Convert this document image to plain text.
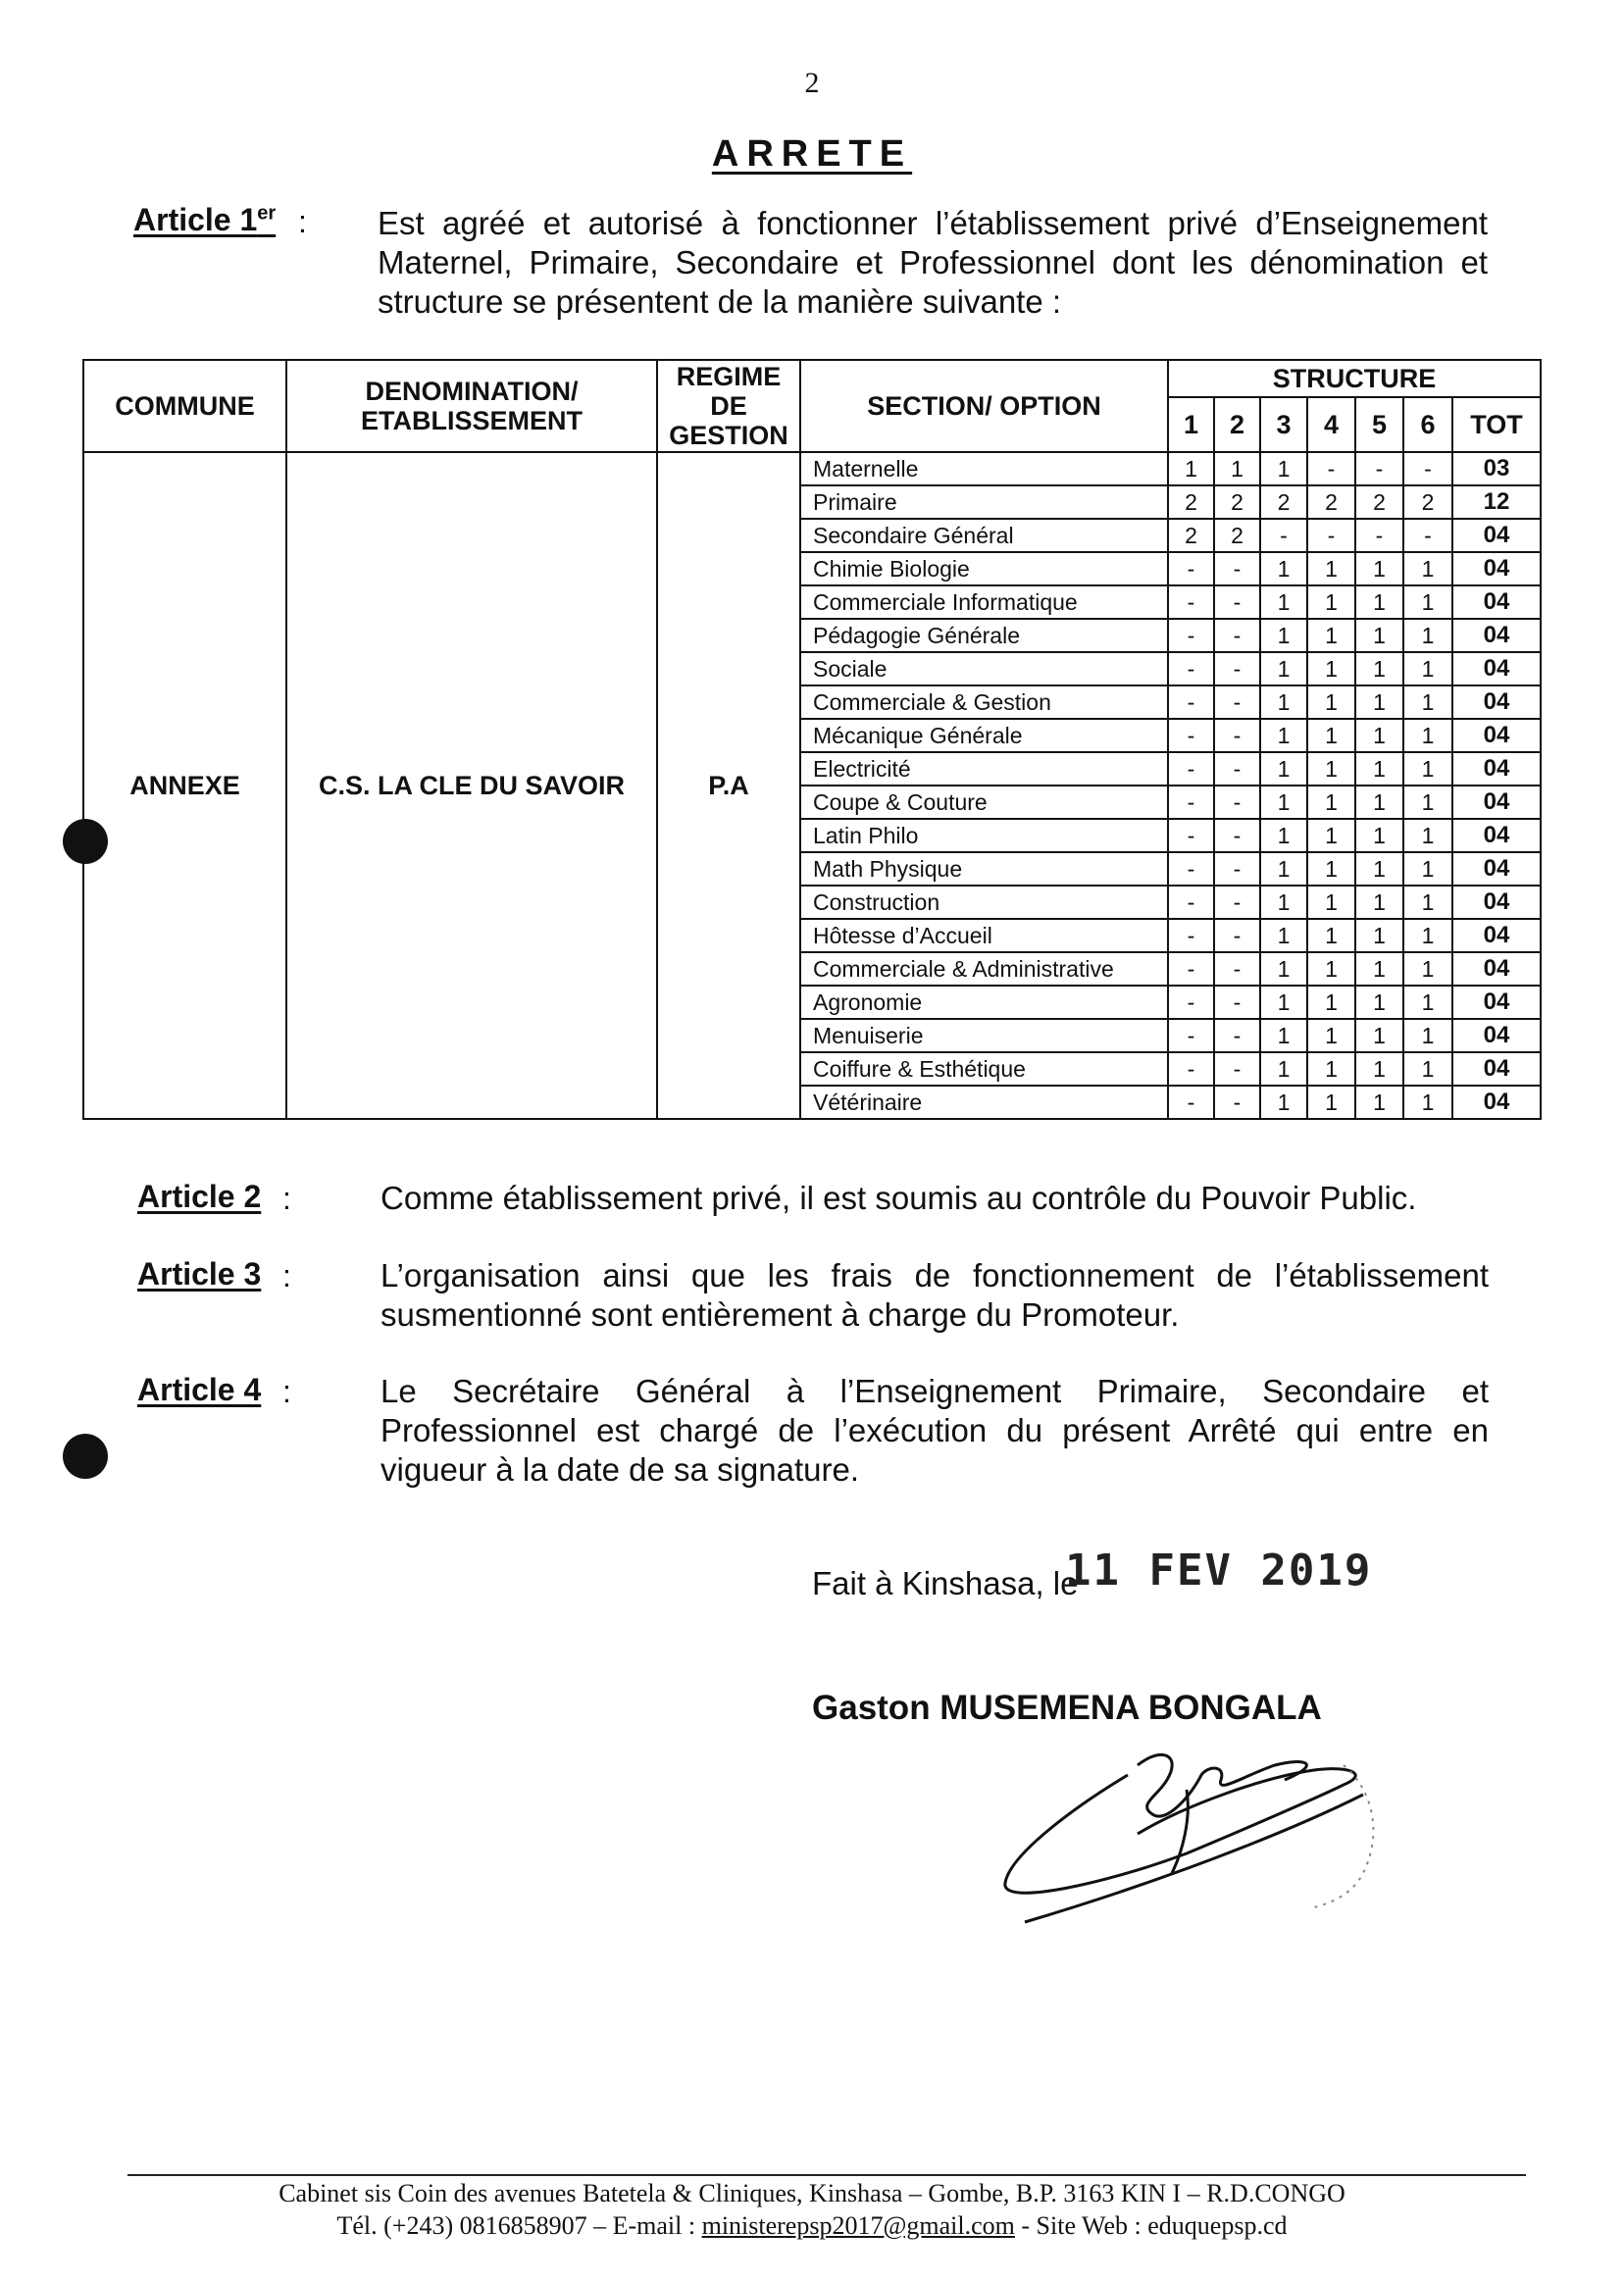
2
ARRETE
Article 1er : Est agréé et autorisé à fonctionner l’établissement privé d’Enseignement Maternel, Primaire, Secondaire et Professionnel dont les dénomination et structure se présentent de la manière suivante :
COMMUNE	DENOMINATION/ ETABLISSEMENT	REGIME DE GESTION	SECTION/ OPTION	STRUCTURE						
				1	2	3	4	5	6	TOT
ANNEXE	C.S. LA CLE DU SAVOIR	P.A	Maternelle	1	1	1	-	-	-	03
			Primaire	2	2	2	2	2	2	12
			Secondaire Général	2	2	-	-	-	-	04
			Chimie Biologie	-	-	1	1	1	1	04
			Commerciale Informatique	-	-	1	1	1	1	04
			Pédagogie Générale	-	-	1	1	1	1	04
			Sociale	-	-	1	1	1	1	04
			Commerciale & Gestion	-	-	1	1	1	1	04
			Mécanique Générale	-	-	1	1	1	1	04
			Electricité	-	-	1	1	1	1	04
			Coupe & Couture	-	-	1	1	1	1	04
			Latin Philo	-	-	1	1	1	1	04
			Math Physique	-	-	1	1	1	1	04
			Construction	-	-	1	1	1	1	04
			Hôtesse d’Accueil	-	-	1	1	1	1	04
			Commerciale & Administrative	-	-	1	1	1	1	04
			Agronomie	-	-	1	1	1	1	04
			Menuiserie	-	-	1	1	1	1	04
			Coiffure & Esthétique	-	-	1	1	1	1	04
			Vétérinaire	-	-	1	1	1	1	04
Article 2 :	Comme établissement privé, il est soumis au contrôle du Pouvoir Public.
Article 3 :	L’organisation ainsi que les frais de fonctionnement de l’établissement susmentionné sont entièrement à charge du Promoteur.
Article 4 :	Le Secrétaire Général à l’Enseignement Primaire, Secondaire et Professionnel est chargé de l’exécution du présent Arrêté qui entre en vigueur à la date de sa signature.
Fait à Kinshasa, le
11 FEV 2019
Gaston MUSEMENA BONGALA
Cabinet sis Coin des avenues Batetela & Cliniques, Kinshasa – Gombe, B.P. 3163 KIN I – R.D.CONGO
Tél. (+243) 0816858907 – E-mail : ministerepsp2017@gmail.com - Site Web : eduquepsp.cd
